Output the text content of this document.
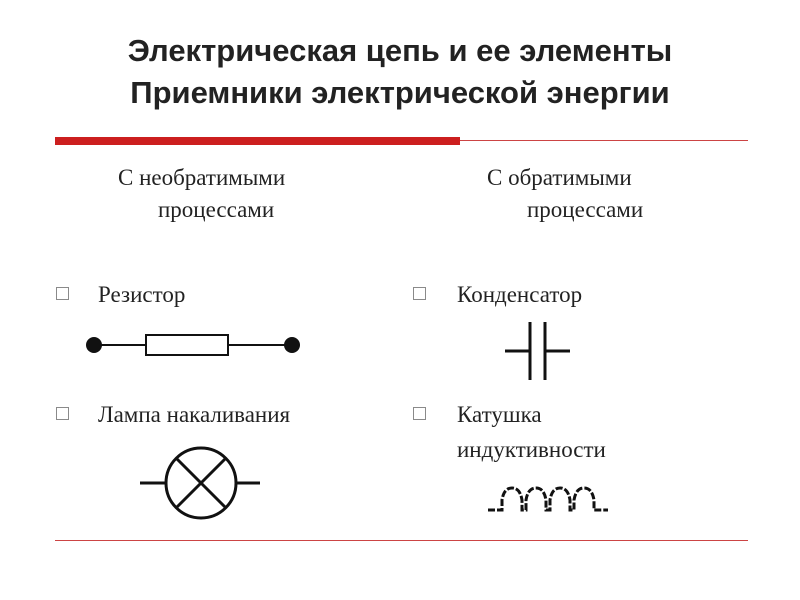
Электрическая цепь и ее элементы
Приемники электрической энергии
С необратимыми
процессами
С обратимыми
процессами
Резистор
Лампа накаливания
Конденсатор
Катушка
индуктивности
